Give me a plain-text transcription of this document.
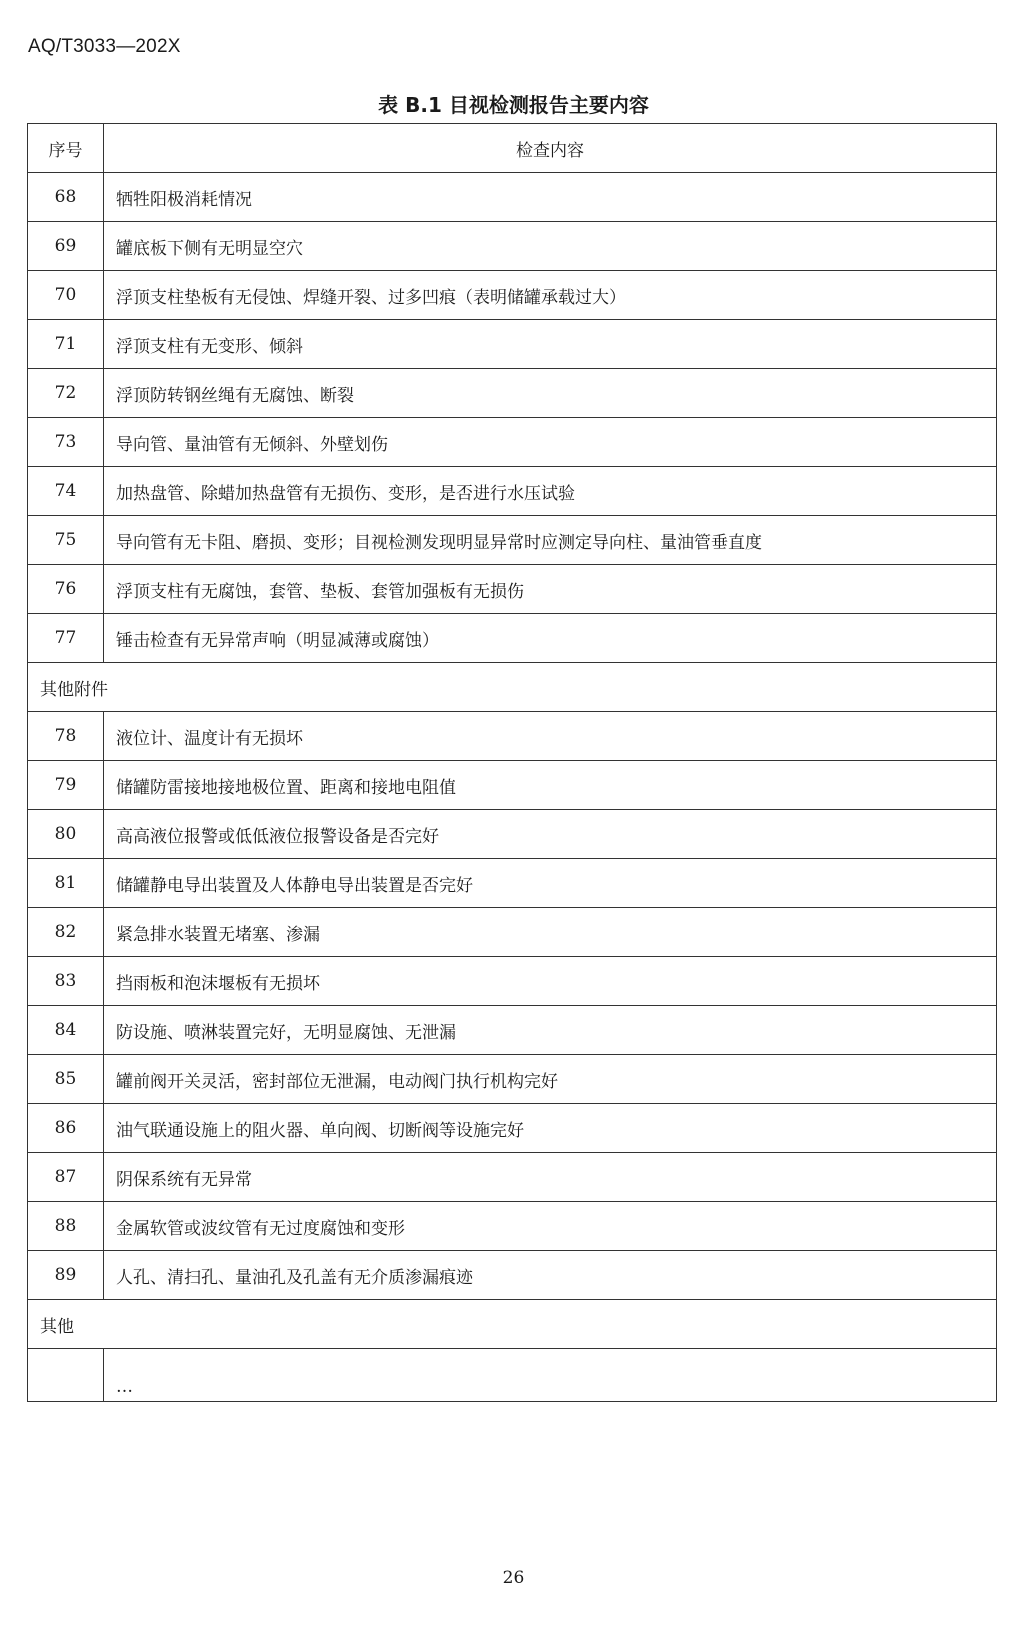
AQ/T3033—202X
表 B.1 目视检测报告主要内容
序号	检查内容
68	牺牲阳极消耗情况
69	罐底板下侧有无明显空穴
70	浮顶支柱垫板有无侵蚀、焊缝开裂、过多凹痕（表明储罐承载过大）
71	浮顶支柱有无变形、倾斜
72	浮顶防转钢丝绳有无腐蚀、断裂
73	导向管、量油管有无倾斜、外壁划伤
74	加热盘管、除蜡加热盘管有无损伤、变形，是否进行水压试验
75	导向管有无卡阻、磨损、变形；目视检测发现明显异常时应测定导向柱、量油管垂直度
76	浮顶支柱有无腐蚀，套管、垫板、套管加强板有无损伤
77	锤击检查有无异常声响（明显减薄或腐蚀）
其他附件	
78	液位计、温度计有无损坏
79	储罐防雷接地接地极位置、距离和接地电阻值
80	高高液位报警或低低液位报警设备是否完好
81	储罐静电导出装置及人体静电导出装置是否完好
82	紧急排水装置无堵塞、渗漏
83	挡雨板和泡沫堰板有无损坏
84	防设施、喷淋装置完好，无明显腐蚀、无泄漏
85	罐前阀开关灵活，密封部位无泄漏，电动阀门执行机构完好
86	油气联通设施上的阻火器、单向阀、切断阀等设施完好
87	阴保系统有无异常
88	金属软管或波纹管有无过度腐蚀和变形
89	人孔、清扫孔、量油孔及孔盖有无介质渗漏痕迹
其他	
	…
26
